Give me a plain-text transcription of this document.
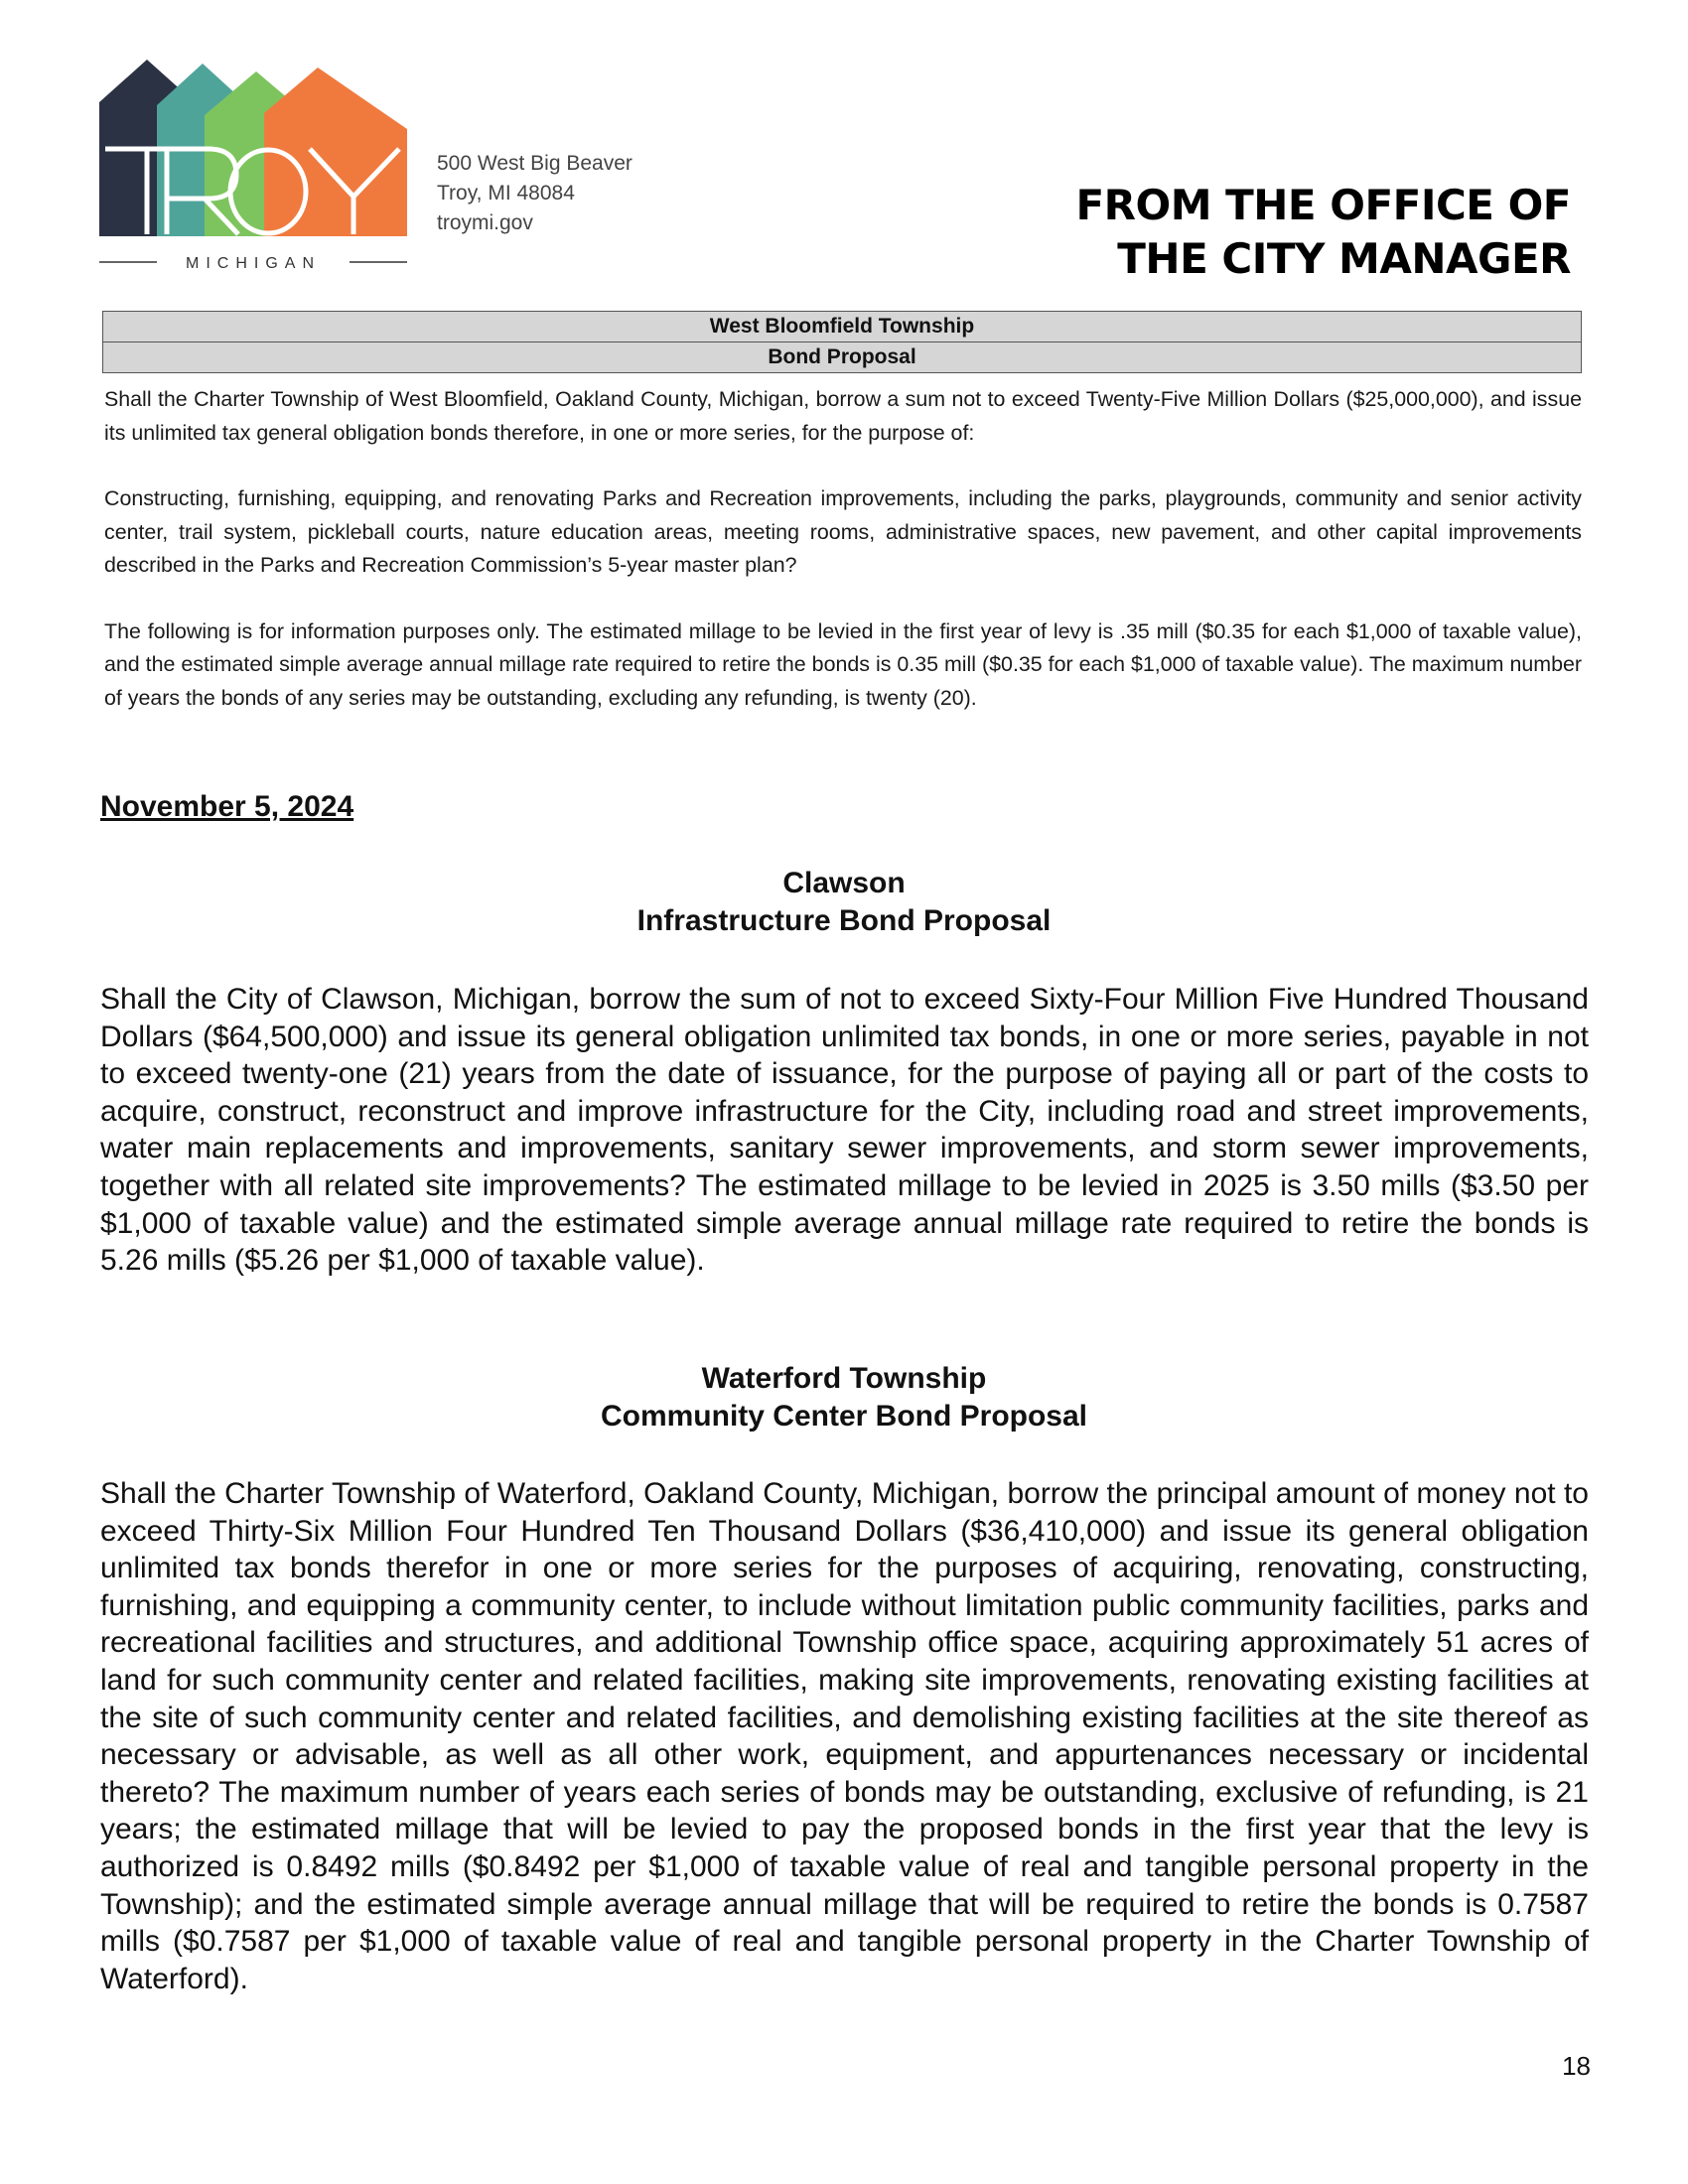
MICHIGAN
500 West Big Beaver
Troy, MI 48084
troymi.gov	FROM THE OFFICE OF
THE CITY MANAGER
West Bloomfield Township
Bond Proposal

Shall the Charter Township of West Bloomfield, Oakland County, Michigan, borrow a sum not to exceed Twenty-Five Million Dollars ($25,000,000), and issue its unlimited tax general obligation bonds therefore, in one or more series, for the purpose of:

Constructing, furnishing, equipping, and renovating Parks and Recreation improvements, including the parks, playgrounds, community and senior activity center, trail system, pickleball courts, nature education areas, meeting rooms, administrative spaces, new pavement, and other capital improvements described in the Parks and Recreation Commission’s 5-year master plan?

The following is for information purposes only. The estimated millage to be levied in the first year of levy is .35 mill ($0.35 for each $1,000 of taxable value), and the estimated simple average annual millage rate required to retire the bonds is 0.35 mill ($0.35 for each $1,000 of taxable value). The maximum number of years the bonds of any series may be outstanding, excluding any refunding, is twenty (20).

November 5, 2024
Clawson
Infrastructure Bond Proposal

Shall the City of Clawson, Michigan, borrow the sum of not to exceed Sixty-Four Million Five Hundred Thousand Dollars ($64,500,000) and issue its general obligation unlimited tax bonds, in one or more series, payable in not to exceed twenty-one (21) years from the date of issuance, for the purpose of paying all or part of the costs to acquire, construct, reconstruct and improve infrastructure for the City, including road and street improvements, water main replacements and improvements, sanitary sewer improvements, and storm sewer improvements, together with all related site improvements? The estimated millage to be levied in 2025 is 3.50 mills ($3.50 per $1,000 of taxable value) and the estimated simple average annual millage rate required to retire the bonds is 5.26 mills ($5.26 per $1,000 of taxable value).

Waterford Township
Community Center Bond Proposal

Shall the Charter Township of Waterford, Oakland County, Michigan, borrow the principal amount of money not to exceed Thirty-Six Million Four Hundred Ten Thousand Dollars ($36,410,000) and issue its general obligation unlimited tax bonds therefor in one or more series for the purposes of acquiring, renovating, constructing, furnishing, and equipping a community center, to include without limitation public community facilities, parks and recreational facilities and structures, and additional Township office space, acquiring approximately 51 acres of land for such community center and related facilities, making site improvements, renovating existing facilities at the site of such community center and related facilities, and demolishing existing facilities at the site thereof as necessary or advisable, as well as all other work, equipment, and appurtenances necessary or incidental thereto? The maximum number of years each series of bonds may be outstanding, exclusive of refunding, is 21 years; the estimated millage that will be levied to pay the proposed bonds in the first year that the levy is authorized is 0.8492 mills ($0.8492 per $1,000 of taxable value of real and tangible personal property in the Township); and the estimated simple average annual millage that will be required to retire the bonds is 0.7587 mills ($0.7587 per $1,000 of taxable value of real and tangible personal property in the Charter Township of Waterford).

18
